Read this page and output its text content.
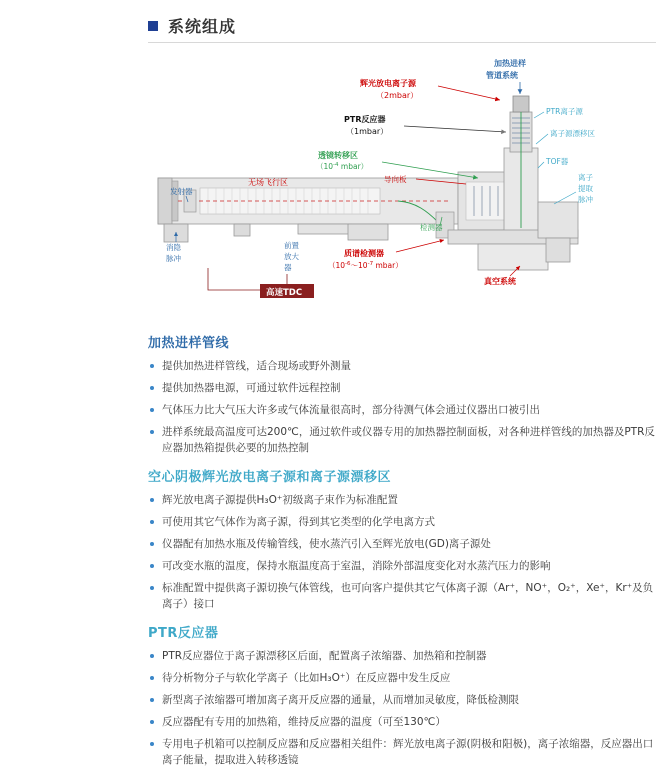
系统组成
辉光放电离子源
（2mbar）
加热进样
管道系统
PTR反应器
（1mbar）
PTR离子源
离子源漂移区
透镜转移区
（$10^{-4}$ mbar）
导向板
TOF器
离子
提取
脉冲
无场飞行区
发射器
检测器
消隐
脉冲
前置
放大
器
质谱检测器
（$10^{-6}\sim 10^{-7}$ mbar）
真空系统
高速TDC
加热进样管线
提供加热进样管线，适合现场或野外测量
提供加热器电源，可通过软件远程控制
气体压力比大气压大许多或气体流量很高时，部分待测气体会通过仪器出口被引出
进样系统最高温度可达200℃，通过软件或仪器专用的加热器控制面板，对各种进样管线的加热器及PTR反应器加热箱提供必要的加热控制
空心阴极辉光放电离子源和离子源漂移区
辉光放电离子源提供H₃O⁺初级离子束作为标准配置
可使用其它气体作为离子源，得到其它类型的化学电离方式
仪器配有加热水瓶及传输管线，使水蒸汽引入至辉光放电(GD)离子源处
可改变水瓶的温度，保持水瓶温度高于室温，消除外部温度变化对水蒸汽压力的影响
标准配置中提供离子源切换气体管线，也可向客户提供其它气体离子源（Ar⁺，NO⁺，O₂⁺，Xe⁺，Kr⁺及负离子）接口
PTR反应器
PTR反应器位于离子源漂移区后面，配置离子浓缩器、加热箱和控制器
待分析物分子与软化学离子（比如H₃O⁺）在反应器中发生反应
新型离子浓缩器可增加离子离开反应器的通量，从而增加灵敏度，降低检测限
反应器配有专用的加热箱，维持反应器的温度（可至130℃）
专用电子机箱可以控制反应器和反应器相关组件：辉光放电离子源(阴极和阳极)，离子浓缩器，反应器出口离子能量，提取进入转移透镜
